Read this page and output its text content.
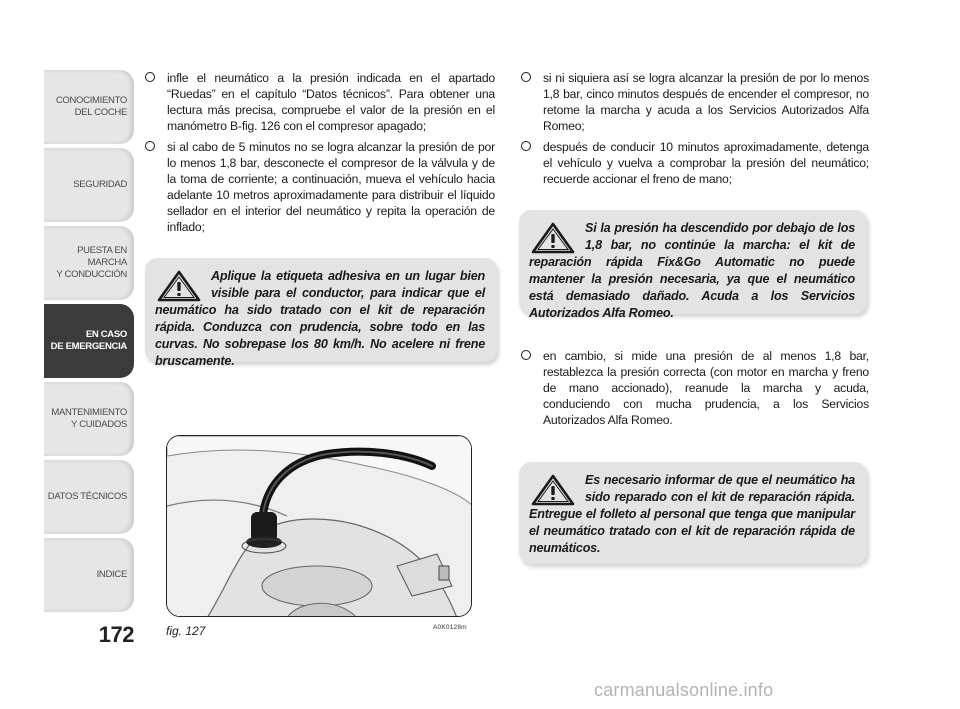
CONOCIMIENTO
DEL COCHE
SEGURIDAD
PUESTA EN MARCHA
Y CONDUCCIÓN
EN CASO
DE EMERGENCIA
MANTENIMIENTO
Y CUIDADOS
DATOS TÉCNICOS
INDICE
172
infle el neumático a la presión indicada en el apartado “Ruedas” en el capítulo “Datos técnicos”. Para obtener una lectura más precisa, compruebe el valor de la presión en el manómetro B-fig. 126 con el compresor apagado;
si al cabo de 5 minutos no se logra alcanzar la presión de por lo menos 1,8 bar, desconecte el compresor de la válvula y de la toma de corriente; a continuación, mueva el vehículo hacia adelante 10 metros aproximadamente para distribuir el líquido sellador en el interior del neumático y repita la operación de inflado;
Aplique la etiqueta adhesiva en un lugar bien visible para el conductor, para indicar que el neumático ha sido tratado con el kit de reparación rápida. Conduzca con prudencia, sobre todo en las curvas. No sobrepase los 80 km/h. No acelere ni frene bruscamente.
fig. 127	A0K0128m
si ni siquiera así se logra alcanzar la presión de por lo menos 1,8 bar, cinco minutos después de encender el compresor, no retome la marcha y acuda a los Servicios Autorizados Alfa Romeo;
después de conducir 10 minutos aproximadamente, detenga el vehículo y vuelva a comprobar la presión del neumático; recuerde accionar el freno de mano;
Si la presión ha descendido por debajo de los 1,8 bar, no continúe la marcha: el kit de reparación rápida Fix&Go Automatic no puede mantener la presión necesaria, ya que el neumático está demasiado dañado. Acuda a los Servicios Autorizados Alfa Romeo.
en cambio, si mide una presión de al menos 1,8 bar, restablezca la presión correcta (con motor en marcha y freno de mano accionado), reanude la marcha y acuda, conduciendo con mucha prudencia, a los Servicios Autorizados Alfa Romeo.
Es necesario informar de que el neumático ha sido reparado con el kit de reparación rápida. Entregue el folleto al personal que tenga que manipular el neumático tratado con el kit de reparación rápida de neumáticos.
carmanualsonline.info
